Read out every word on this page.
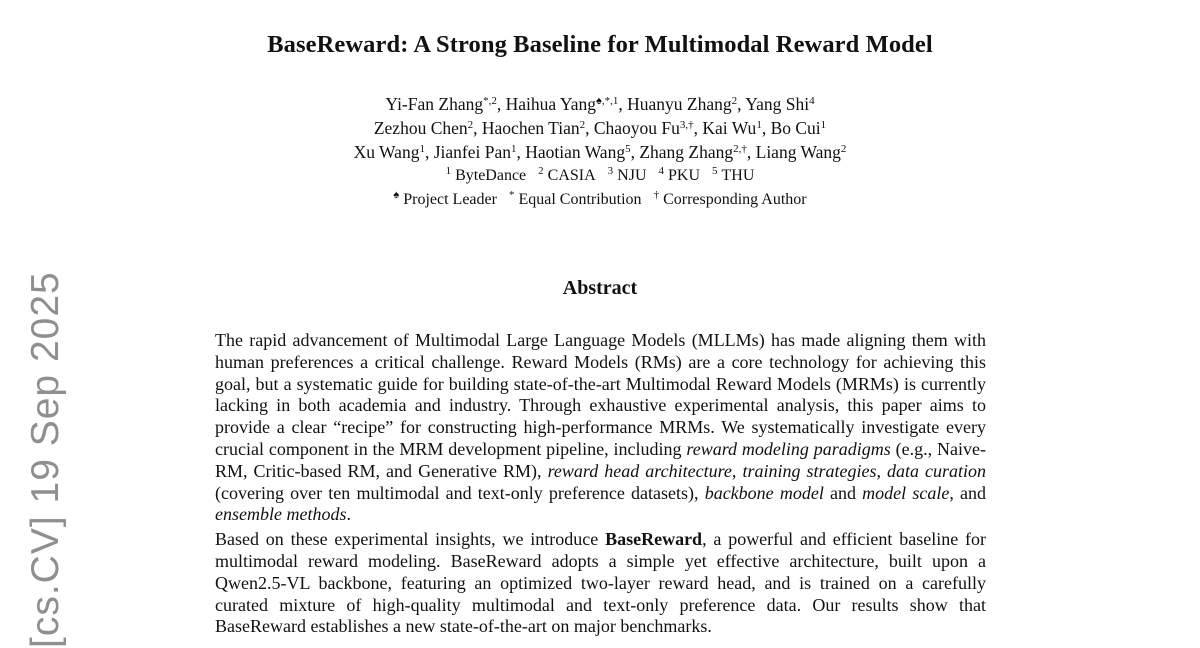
[cs.CV] 19 Sep 2025
BaseReward: A Strong Baseline for Multimodal Reward Model
Yi-Fan Zhang$^{*,2}$, Haihua Yang$^{♠,*,1}$, Huanyu Zhang$^2$, Yang Shi$^4$
Zezhou Chen$^2$, Haochen Tian$^2$, Chaoyou $Fu^{3,\dagger}$, Kai Wu$^1$, Bo Cui$^1$
Xu Wang$^1$, Jianfei Pan$^1$, Haotian Wang$^5$, Zhang Zhang$^{2,\dagger}$, Liang Wang$^2$
$^1$ ByteDance $^2$ CASIA $^3$ NJU $^4$ PKU $^5$ THU
♠ Project Leader * Equal Contribution † Corresponding Author
Abstract

The rapid advancement of Multimodal Large Language Models (MLLMs) has made aligning them with human preferences a critical challenge. Reward Models (RMs) are a core technology for achieving this goal, but a systematic guide for building state-of-the-art Multimodal Reward Models (MRMs) is currently lacking in both academia and industry. Through exhaustive experimental analysis, this paper aims to provide a clear “recipe” for constructing high-performance MRMs. We systematically investigate every crucial component in the MRM development pipeline, including reward modeling paradigms (e.g., Naive-RM, Critic-based RM, and Generative RM), reward head architecture, training strategies, data curation (covering over ten multimodal and text-only preference datasets), backbone model and model scale, and ensemble methods.

Based on these experimental insights, we introduce BaseReward, a powerful and efficient baseline for multimodal reward modeling. BaseReward adopts a simple yet effective architecture, built upon a Qwen2.5-VL backbone, featuring an optimized two-layer reward head, and is trained on a carefully curated mixture of high-quality multimodal and text-only preference data. Our results show that BaseReward establishes a new state-of-the-art on major benchmarks.
